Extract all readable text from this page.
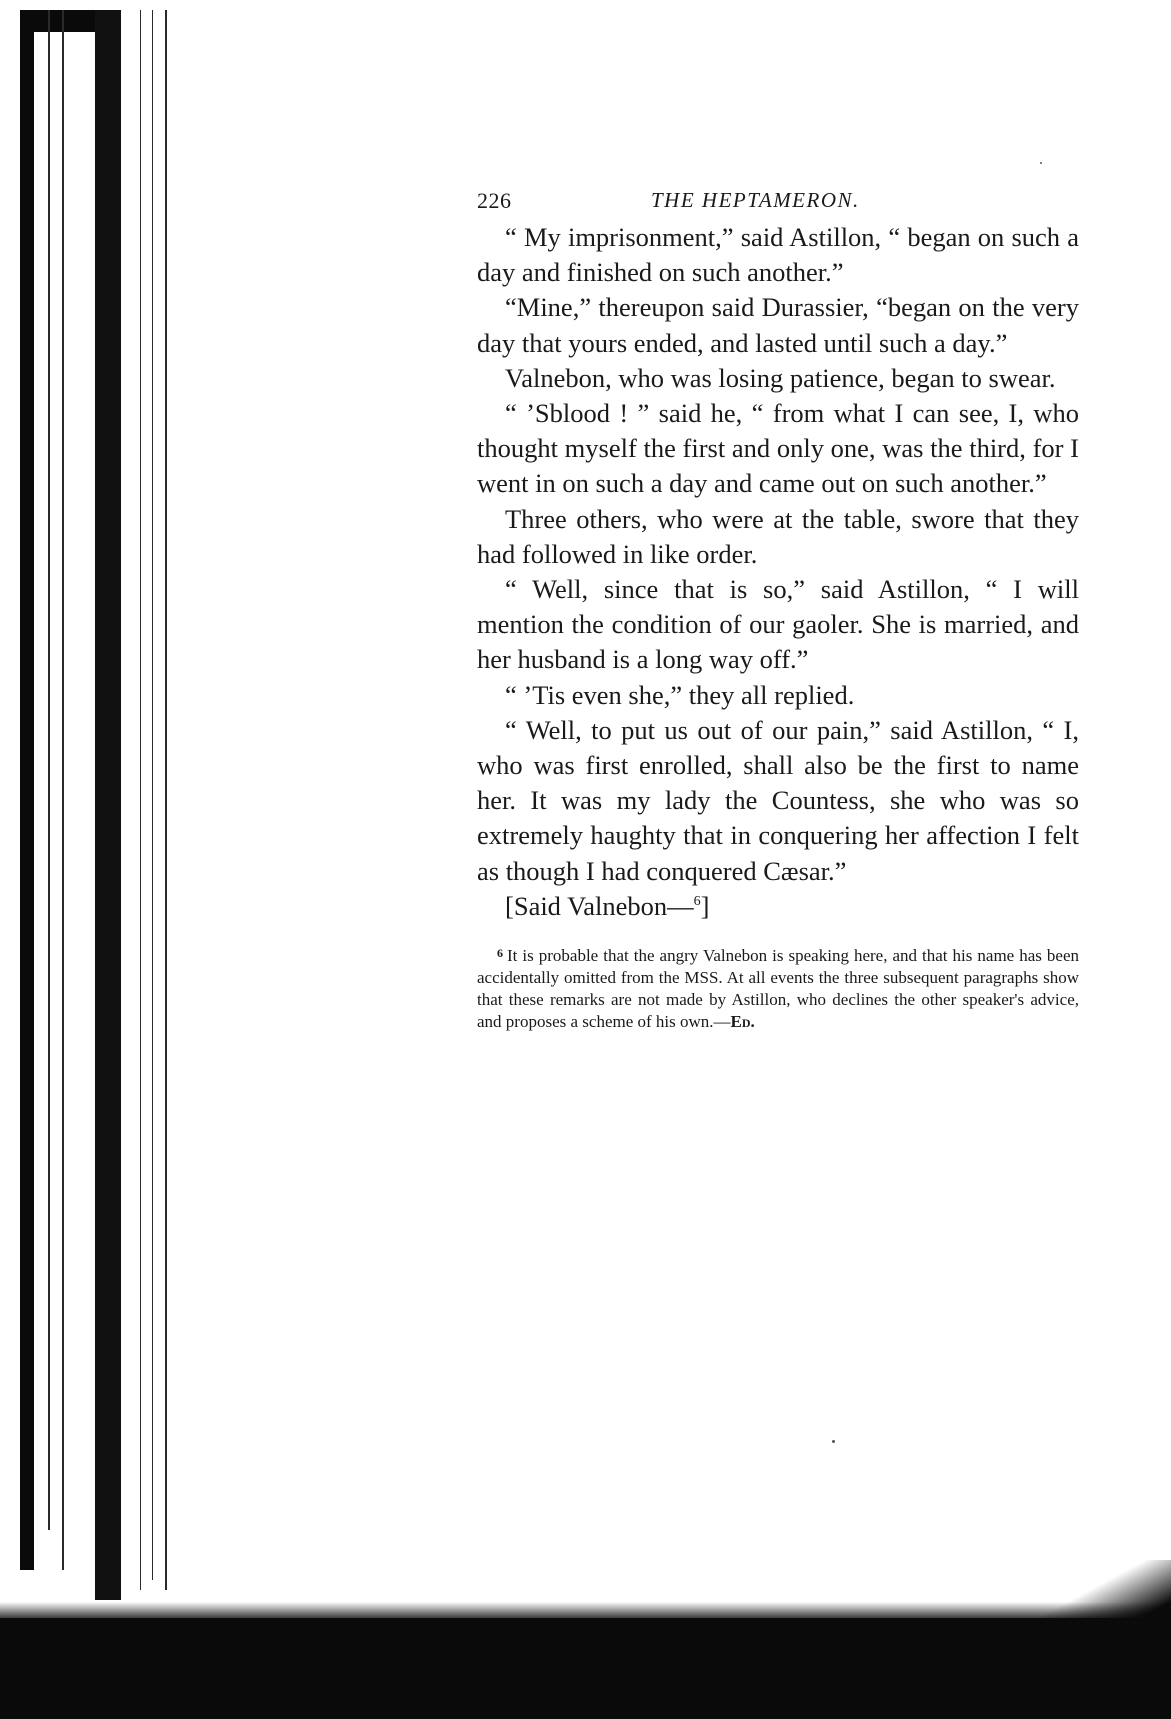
226	THE HEPTAMERON.

“ My imprisonment,” said Astillon, “ began on such a day and finished on such another.”

“Mine,” thereupon said Durassier, “began on the very day that yours ended, and lasted until such a day.”

Valnebon, who was losing patience, began to swear.

“ ’Sblood ! ” said he, “ from what I can see, I, who thought myself the first and only one, was the third, for I went in on such a day and came out on such another.”

Three others, who were at the table, swore that they had followed in like order.

“ Well, since that is so,” said Astillon, “ I will mention the condition of our gaoler. She is married, and her husband is a long way off.”

“ ’Tis even she,” they all replied.

“ Well, to put us out of our pain,” said Astillon, “ I, who was first enrolled, shall also be the first to name her. It was my lady the Countess, she who was so extremely haughty that in conquering her affection I felt as though I had conquered Cæsar.”

[Said Valnebon—$^6$]

$^6$ It is probable that the angry Valnebon is speaking here, and that his name has been accidentally omitted from the MSS. At all events the three subsequent paragraphs show that these remarks are not made by Astillon, who declines the other speaker's advice, and proposes a scheme of his own.—Ed.
